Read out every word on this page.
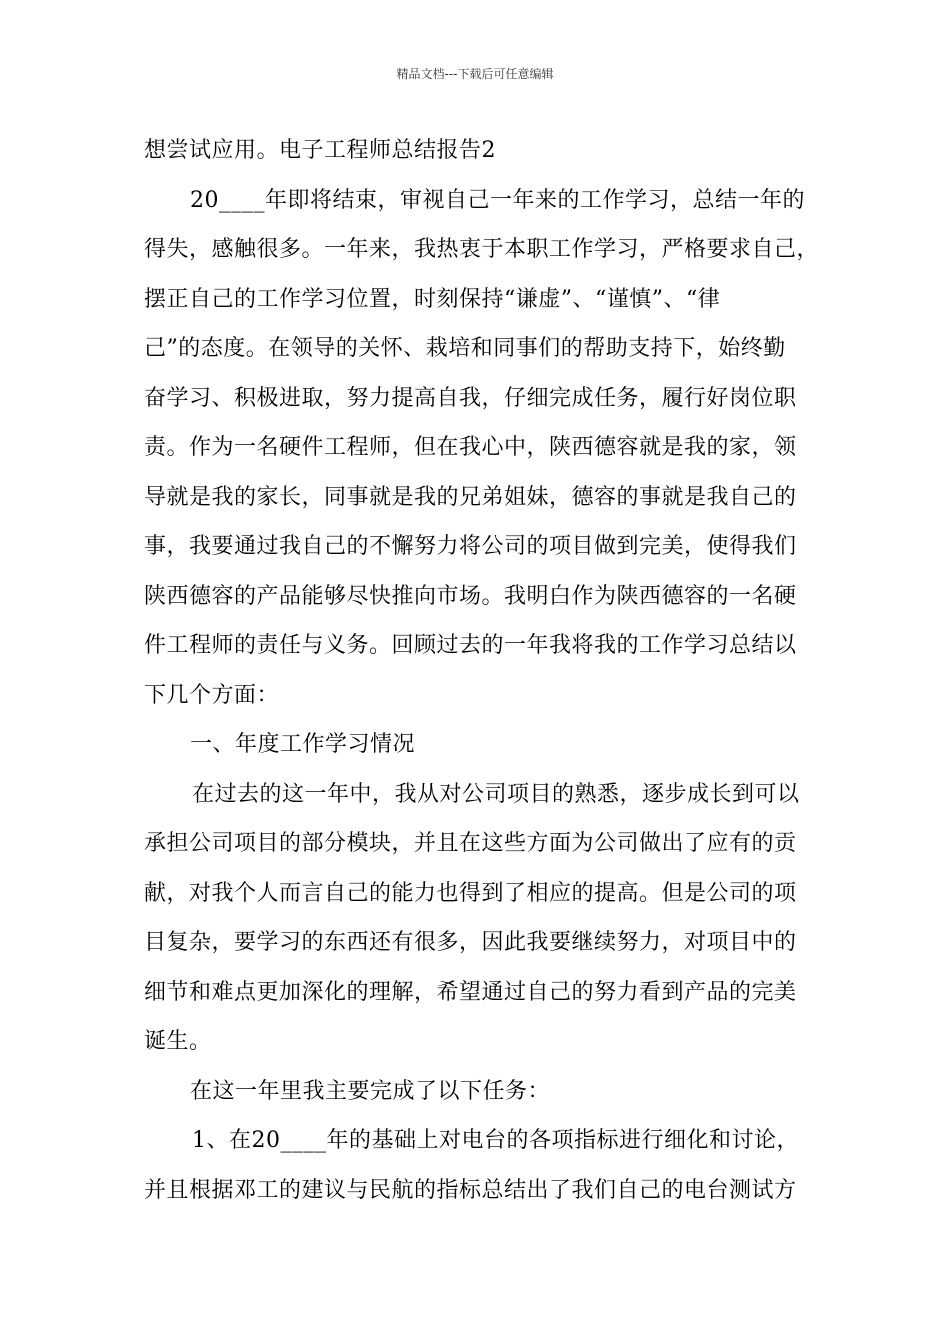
精品文档---下载后可任意编辑
想尝试应用。电子工程师总结报告2
20____年即将结束，审视自己一年来的工作学习，总结一年的
得失，感触很多。一年来，我热衷于本职工作学习，严格要求自己，
摆正自己的工作学习位置，时刻保持“谦虚”、“谨慎”、“律
己”的态度。在领导的关怀、栽培和同事们的帮助支持下，始终勤
奋学习、积极进取，努力提高自我，仔细完成任务，履行好岗位职
责。作为一名硬件工程师，但在我心中，陕西德容就是我的家，领
导就是我的家长，同事就是我的兄弟姐妹，德容的事就是我自己的
事，我要通过我自己的不懈努力将公司的项目做到完美，使得我们
陕西德容的产品能够尽快推向市场。我明白作为陕西德容的一名硬
件工程师的责任与义务。回顾过去的一年我将我的工作学习总结以
下几个方面：
一、年度工作学习情况
在过去的这一年中，我从对公司项目的熟悉，逐步成长到可以
承担公司项目的部分模块，并且在这些方面为公司做出了应有的贡
献，对我个人而言自己的能力也得到了相应的提高。但是公司的项
目复杂，要学习的东西还有很多，因此我要继续努力，对项目中的
细节和难点更加深化的理解，希望通过自己的努力看到产品的完美
诞生。
在这一年里我主要完成了以下任务：
1、在20____年的基础上对电台的各项指标进行细化和讨论，
并且根据邓工的建议与民航的指标总结出了我们自己的电台测试方
